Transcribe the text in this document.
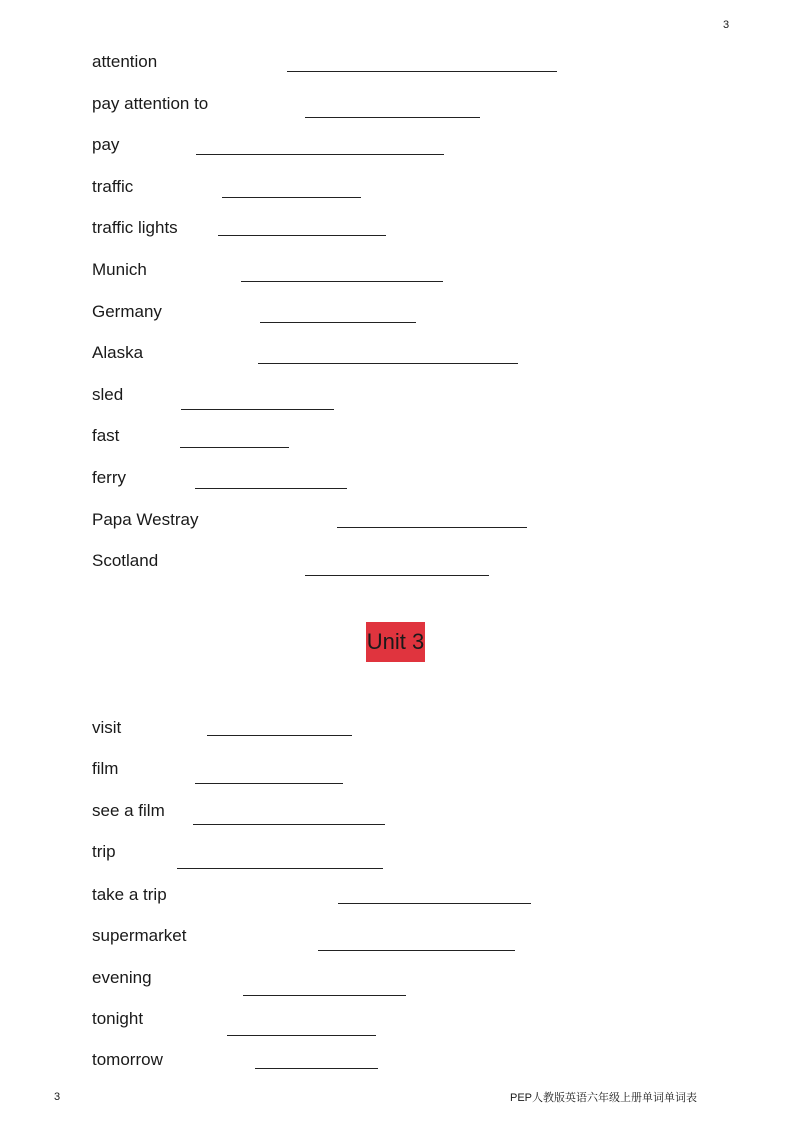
3
attention
pay attention to
pay
traffic
traffic lights
Munich
Germany
Alaska
sled
fast
ferry
Papa Westray
Scotland
Unit 3
visit
film
see a film
trip
take a trip
supermarket
evening
tonight
tomorrow
3	PEP人教版英语六年级上册单词单词表
